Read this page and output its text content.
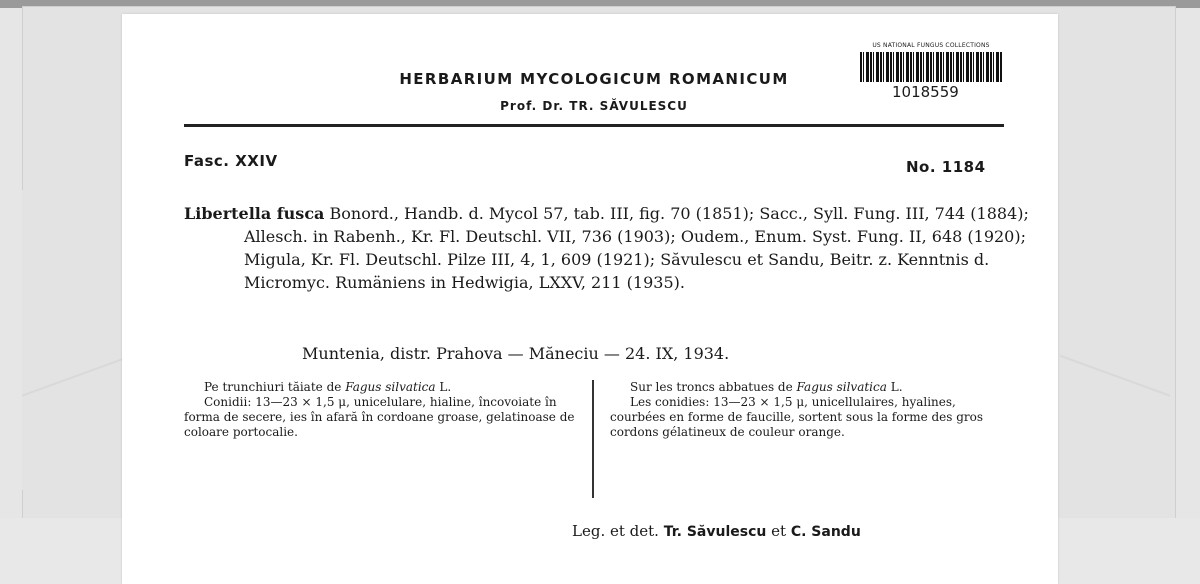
HERBARIUM MYCOLOGICUM ROMANICUM
Prof. Dr. TR. SĂVULESCU
US NATIONAL FUNGUS COLLECTIONS
1018559
Fasc. XXIV	No. 1184
Libertella fusca Bonord., Handb. d. Mycol 57, tab. III, fig. 70 (1851); Sacc., Syll. Fung. III, 744 (1884); Allesch. in Rabenh., Kr. Fl. Deutschl. VII, 736 (1903); Oudem., Enum. Syst. Fung. II, 648 (1920); Migula, Kr. Fl. Deutschl. Pilze III, 4, 1, 609 (1921); Săvulescu et Sandu, Beitr. z. Kenntnis d. Micromyc. Rumäniens in Hedwigia, LXXV, 211 (1935).
Muntenia, distr. Prahova — Măneciu — 24. IX, 1934.
Pe trunchiuri tăiate de Fagus silvatica L.
Conidii: 13—23 × 1,5 μ, unicelulare, hialine, încovoiate în forma de secere, ies în afară în cordoane groase, gelatinoase de coloare portocalie.
Sur les troncs abbatues de Fagus silvatica L.
Les conidies: 13—23 × 1,5 μ, unicellulaires, hyalines, courbées en forme de faucille, sortent sous la forme des gros cordons gélatineux de couleur orange.
Leg. et det. Tr. Săvulescu et C. Sandu
